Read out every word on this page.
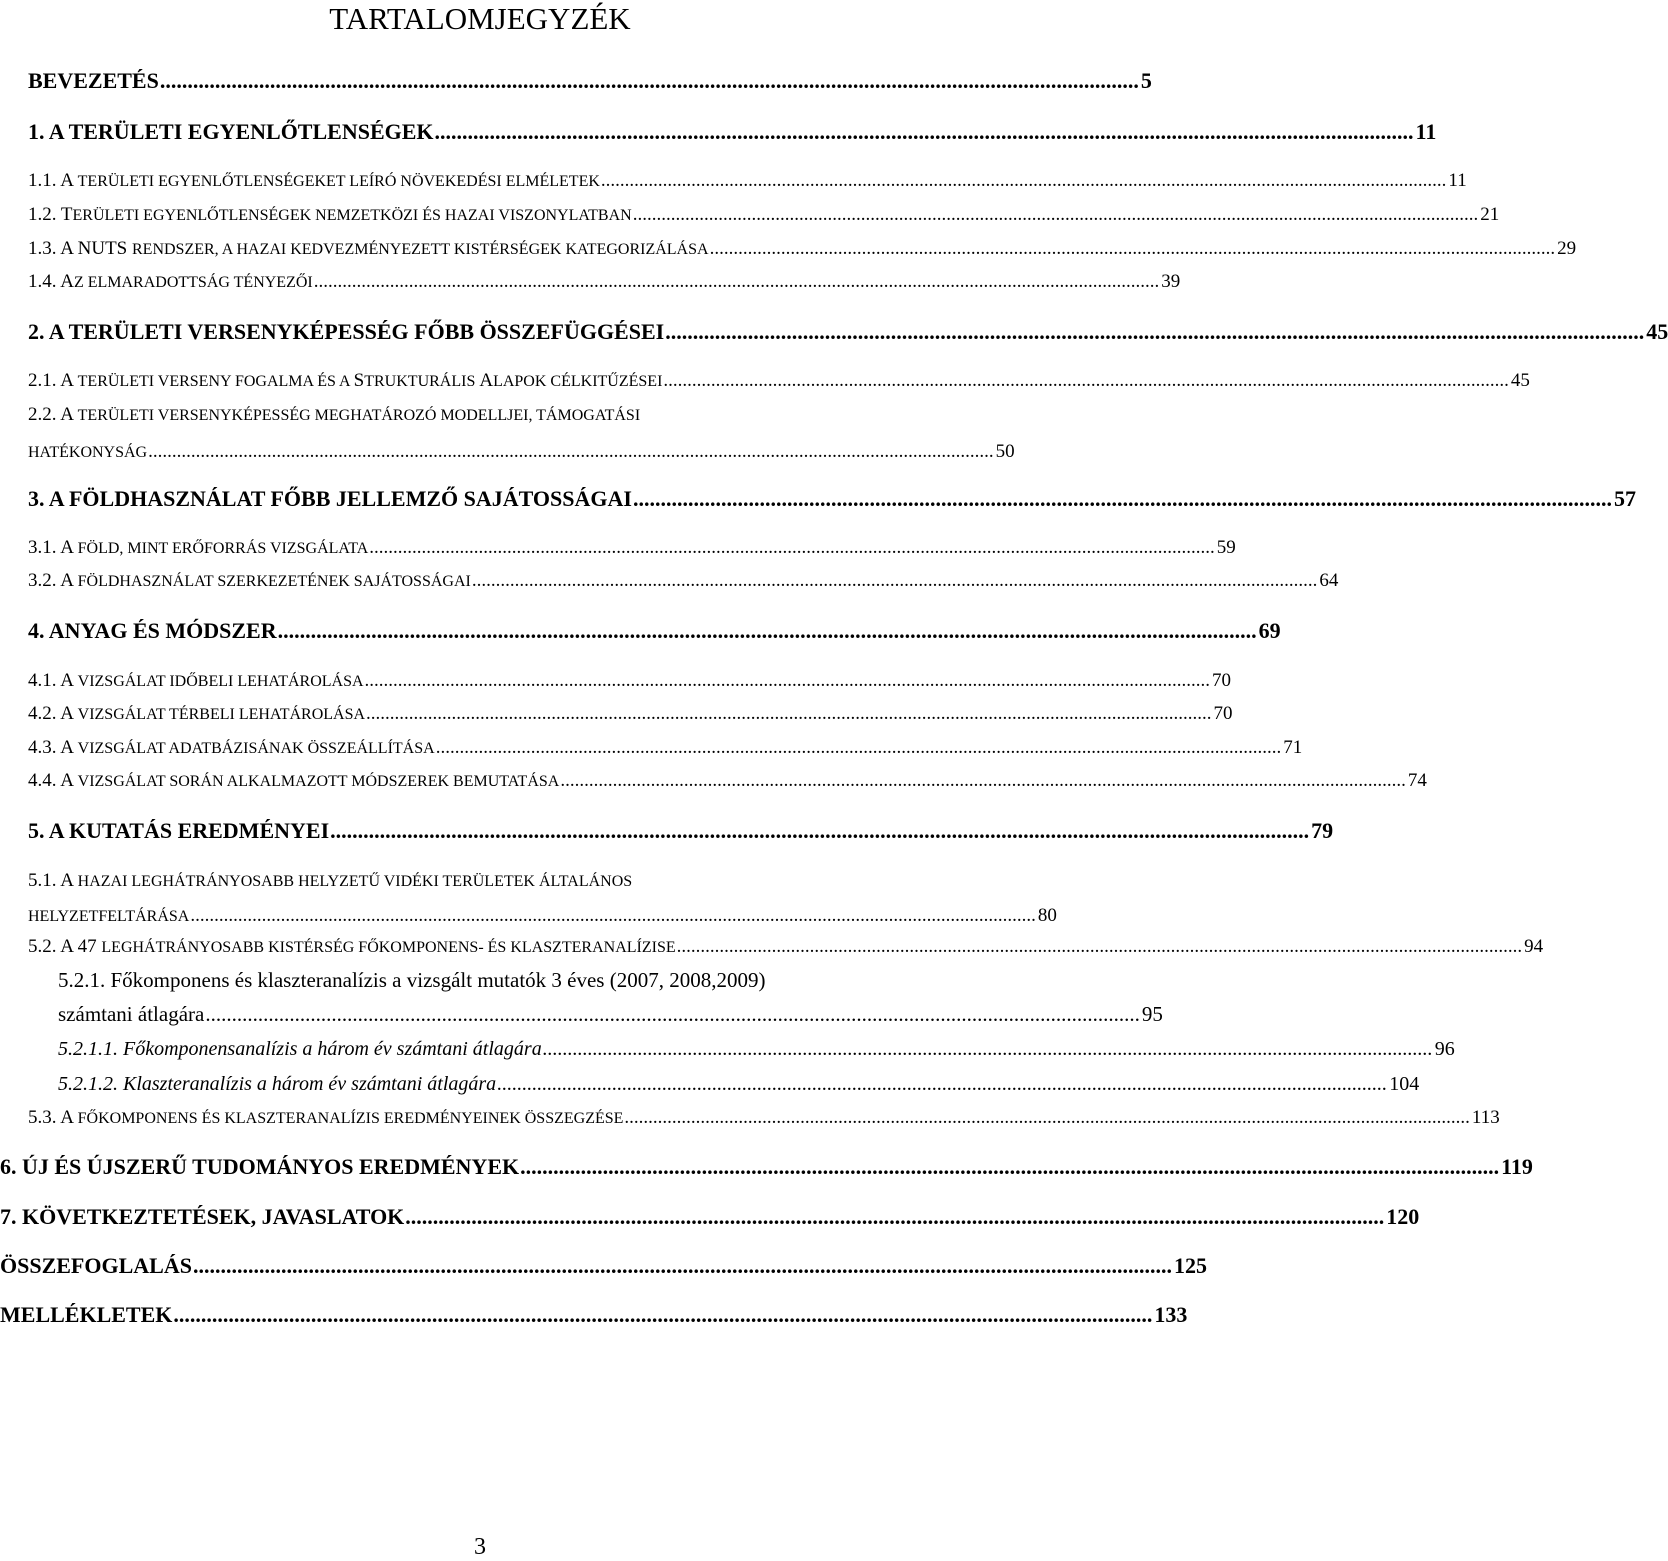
TARTALOMJEGYZÉK
BEVEZETÉS .................................................................................................................................................................................. 5
1. A TERÜLETI EGYENLŐTLENSÉGEK .................................................................................................................................................................................. 11
1.1. A TERÜLETI EGYENLŐTLENSÉGEKET LEÍRÓ NÖVEKEDÉSI ELMÉLETEK .................................................................................................................................................................................. 11
1.2. TERÜLETI EGYENLŐTLENSÉGEK NEMZETKÖZI ÉS HAZAI VISZONYLATBAN .................................................................................................................................................................................. 21
1.3. A NUTS RENDSZER, A HAZAI KEDVEZMÉNYEZETT KISTÉRSÉGEK KATEGORIZÁLÁSA .................................................................................................................................................................................. 29
1.4. AZ ELMARADOTTSÁG TÉNYEZŐI .................................................................................................................................................................................. 39
2. A TERÜLETI VERSENYKÉPESSÉG FŐBB ÖSSZEFÜGGÉSEI .................................................................................................................................................................................. 45
2.1. A TERÜLETI VERSENY FOGALMA ÉS A STRUKTURÁLIS ALAPOK CÉLKITŰZÉSEI .................................................................................................................................................................................. 45
2.2. A TERÜLETI VERSENYKÉPESSÉG MEGHATÁROZÓ MODELLJEI, TÁMOGATÁSI
HATÉKONYSÁG .................................................................................................................................................................................. 50
3. A FÖLDHASZNÁLAT FŐBB JELLEMZŐ SAJÁTOSSÁGAI .................................................................................................................................................................................. 57
3.1. A FÖLD, MINT ERŐFORRÁS VIZSGÁLATA .................................................................................................................................................................................. 59
3.2. A FÖLDHASZNÁLAT SZERKEZETÉNEK SAJÁTOSSÁGAI .................................................................................................................................................................................. 64
4. ANYAG ÉS MÓDSZER .................................................................................................................................................................................. 69
4.1. A VIZSGÁLAT IDŐBELI LEHATÁROLÁSA .................................................................................................................................................................................. 70
4.2. A VIZSGÁLAT TÉRBELI LEHATÁROLÁSA .................................................................................................................................................................................. 70
4.3. A VIZSGÁLAT ADATBÁZISÁNAK ÖSSZEÁLLÍTÁSA .................................................................................................................................................................................. 71
4.4. A VIZSGÁLAT SORÁN ALKALMAZOTT MÓDSZEREK BEMUTATÁSA .................................................................................................................................................................................. 74
5. A KUTATÁS EREDMÉNYEI .................................................................................................................................................................................. 79
5.1. A HAZAI LEGHÁTRÁNYOSABB HELYZETŰ VIDÉKI TERÜLETEK ÁLTALÁNOS
HELYZETFELTÁRÁSA .................................................................................................................................................................................. 80
5.2. A 47 LEGHÁTRÁNYOSABB KISTÉRSÉG FŐKOMPONENS- ÉS KLASZTERANALÍZISE .................................................................................................................................................................................. 94
5.2.1. Főkomponens és klaszteranalízis a vizsgált mutatók 3 éves (2007, 2008,2009)
számtani átlagára .................................................................................................................................................................................. 95
5.2.1.1. Főkomponensanalízis a három év számtani átlagára .................................................................................................................................................................................. 96
5.2.1.2. Klaszteranalízis a három év számtani átlagára .................................................................................................................................................................................. 104
5.3. A FŐKOMPONENS ÉS KLASZTERANALÍZIS EREDMÉNYEINEK ÖSSZEGZÉSE .................................................................................................................................................................................. 113
6. ÚJ ÉS ÚJSZERŰ TUDOMÁNYOS EREDMÉNYEK .................................................................................................................................................................................. 119
7. KÖVETKEZTETÉSEK, JAVASLATOK .................................................................................................................................................................................. 120
ÖSSZEFOGLALÁS .................................................................................................................................................................................. 125
MELLÉKLETEK .................................................................................................................................................................................. 133
3
